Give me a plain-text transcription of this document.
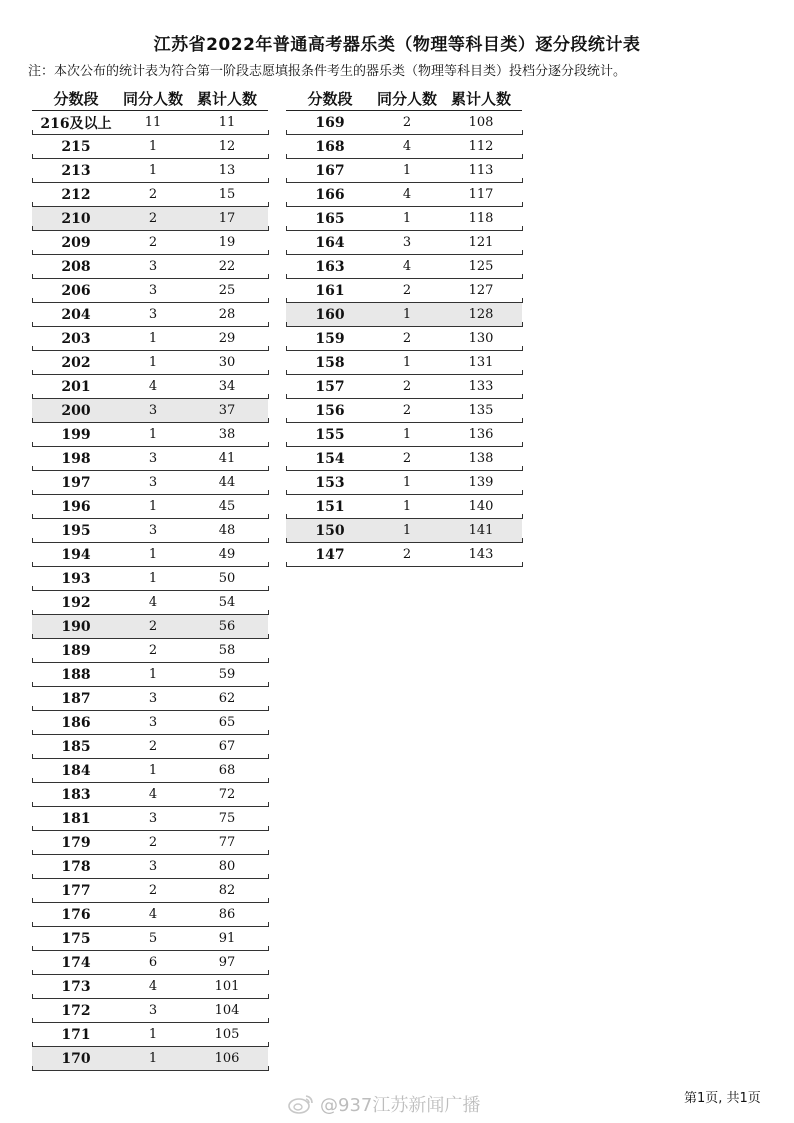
江苏省2022年普通高考器乐类（物理等科目类）逐分段统计表
注：本次公布的统计表为符合第一阶段志愿填报条件考生的器乐类（物理等科目类）投档分逐分段统计。
分数段	同分人数 累计人数
216及以上	11	11
215	1	12
213	1	13
212	2	15
210	2	17
209	2	19
208	3	22
206	3	25
204	3	28
203	1	29
202	1	30
201	4	34
200	3	37
199	1	38
198	3	41
197	3	44
196	1	45
195	3	48
194	1	49
193	1	50
192	4	54
190	2	56
189	2	58
188	1	59
187	3	62
186	3	65
185	2	67
184	1	68
183	4	72
181	3	75
179	2	77
178	3	80
177	2	82
176	4	86
175	5	91
174	6	97
173	4	101
172	3	104
171	1	105
170	1	106
分数段	同分人数 累计人数
169	2	108
168	4	112
167	1	113
166	4	117
165	1	118
164	3	121
163	4	125
161	2	127
160	1	128
159	2	130
158	1	131
157	2	133
156	2	135
155	1	136
154	2	138
153	1	139
151	1	140
150	1	141
147	2	143
@937江苏新闻广播	第1页, 共1页
